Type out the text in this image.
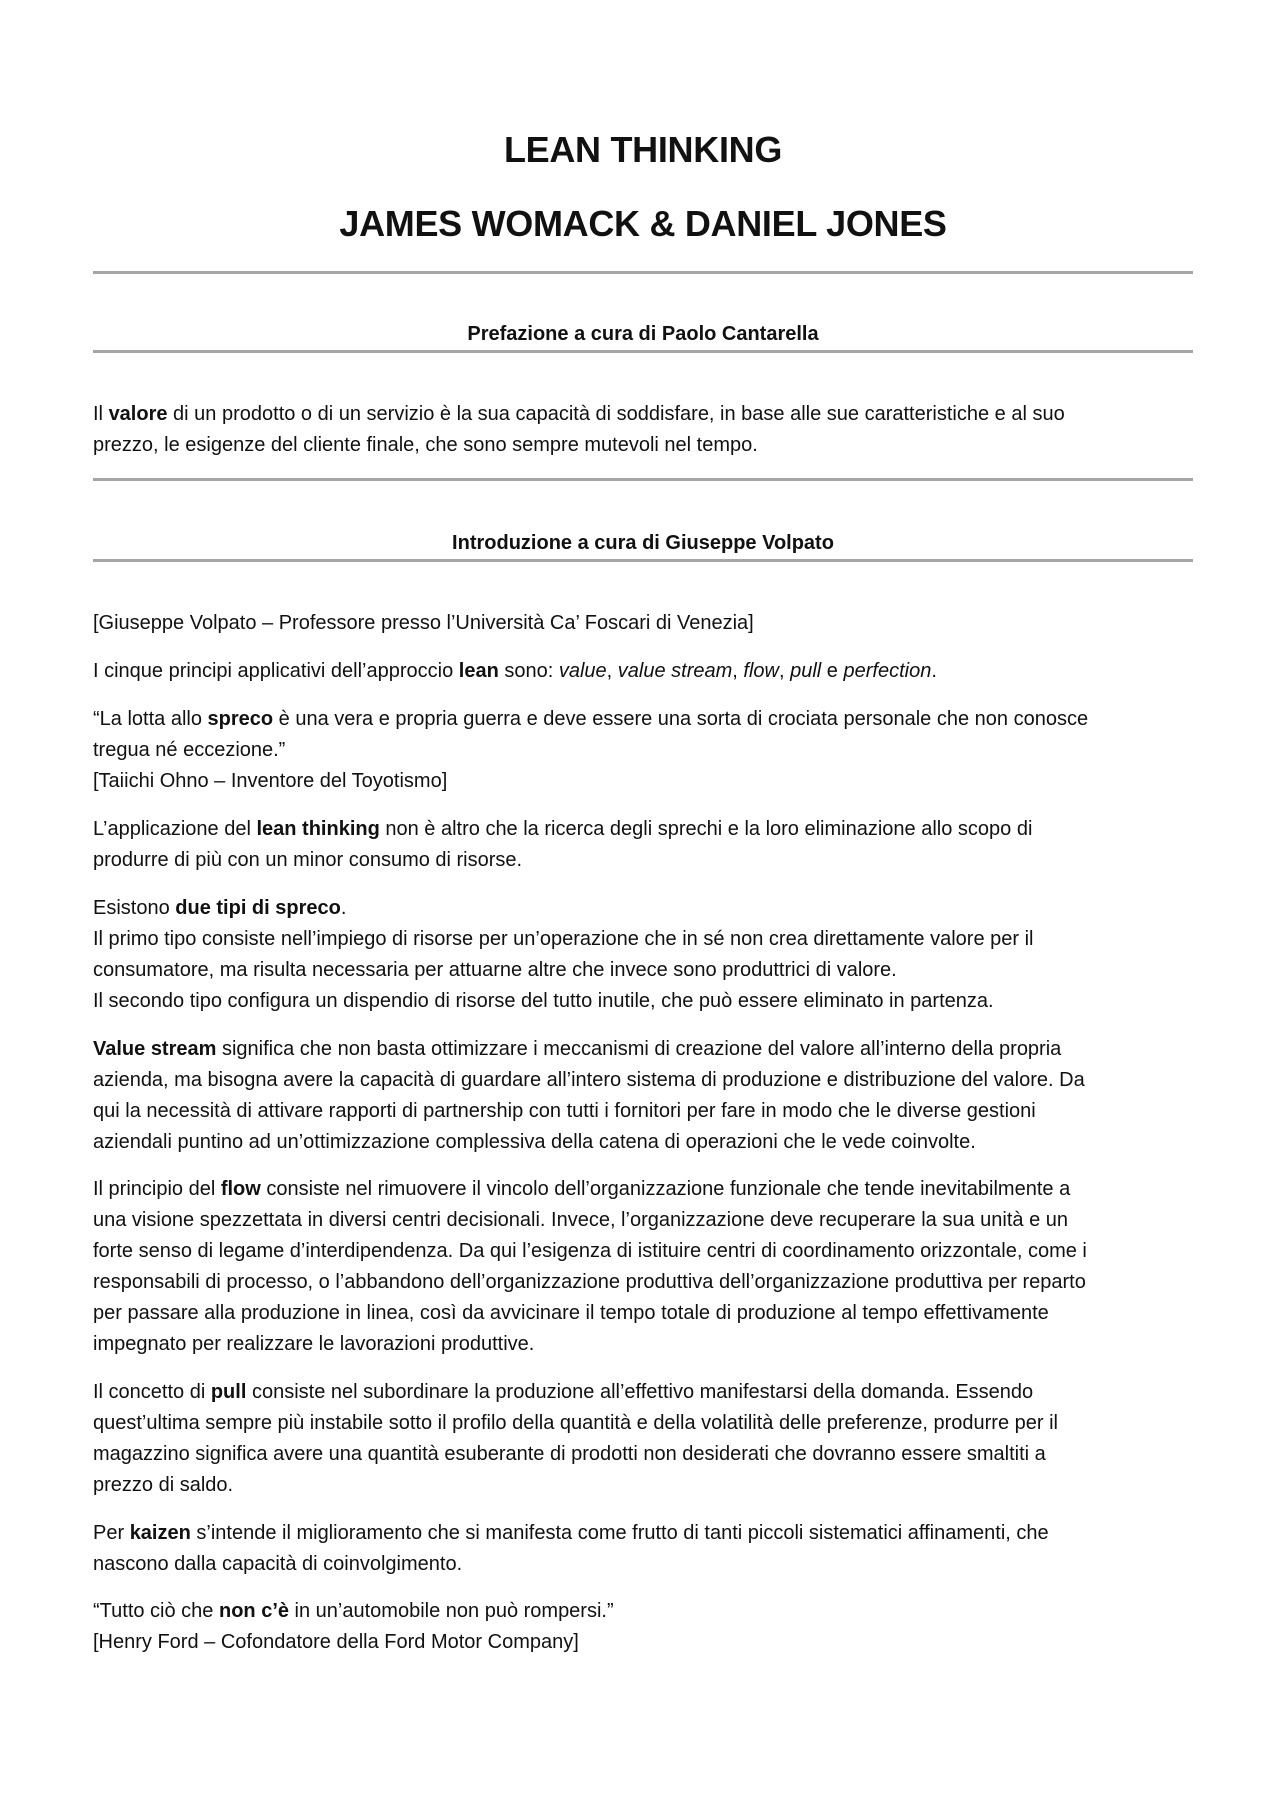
LEAN THINKING
JAMES WOMACK & DANIEL JONES
Prefazione a cura di Paolo Cantarella

Il valore di un prodotto o di un servizio è la sua capacità di soddisfare, in base alle sue caratteristiche e al suo
prezzo, le esigenze del cliente finale, che sono sempre mutevoli nel tempo.

Introduzione a cura di Giuseppe Volpato

[Giuseppe Volpato – Professore presso l’Università Ca’ Foscari di Venezia]

I cinque principi applicativi dell’approccio lean sono: value, value stream, flow, pull e perfection.

“La lotta allo spreco è una vera e propria guerra e deve essere una sorta di crociata personale che non conosce
tregua né eccezione.”
[Taiichi Ohno – Inventore del Toyotismo]

L’applicazione del lean thinking non è altro che la ricerca degli sprechi e la loro eliminazione allo scopo di
produrre di più con un minor consumo di risorse.

Esistono due tipi di spreco.
Il primo tipo consiste nell’impiego di risorse per un’operazione che in sé non crea direttamente valore per il
consumatore, ma risulta necessaria per attuarne altre che invece sono produttrici di valore.
Il secondo tipo configura un dispendio di risorse del tutto inutile, che può essere eliminato in partenza.

Value stream significa che non basta ottimizzare i meccanismi di creazione del valore all’interno della propria
azienda, ma bisogna avere la capacità di guardare all’intero sistema di produzione e distribuzione del valore. Da
qui la necessità di attivare rapporti di partnership con tutti i fornitori per fare in modo che le diverse gestioni
aziendali puntino ad un’ottimizzazione complessiva della catena di operazioni che le vede coinvolte.

Il principio del flow consiste nel rimuovere il vincolo dell’organizzazione funzionale che tende inevitabilmente a
una visione spezzettata in diversi centri decisionali. Invece, l’organizzazione deve recuperare la sua unità e un
forte senso di legame d’interdipendenza. Da qui l’esigenza di istituire centri di coordinamento orizzontale, come i
responsabili di processo, o l’abbandono dell’organizzazione produttiva dell’organizzazione produttiva per reparto
per passare alla produzione in linea, così da avvicinare il tempo totale di produzione al tempo effettivamente
impegnato per realizzare le lavorazioni produttive.

Il concetto di pull consiste nel subordinare la produzione all’effettivo manifestarsi della domanda. Essendo
quest’ultima sempre più instabile sotto il profilo della quantità e della volatilità delle preferenze, produrre per il
magazzino significa avere una quantità esuberante di prodotti non desiderati che dovranno essere smaltiti a
prezzo di saldo.

Per kaizen s’intende il miglioramento che si manifesta come frutto di tanti piccoli sistematici affinamenti, che
nascono dalla capacità di coinvolgimento.

“Tutto ciò che non c’è in un’automobile non può rompersi.”
[Henry Ford – Cofondatore della Ford Motor Company]
